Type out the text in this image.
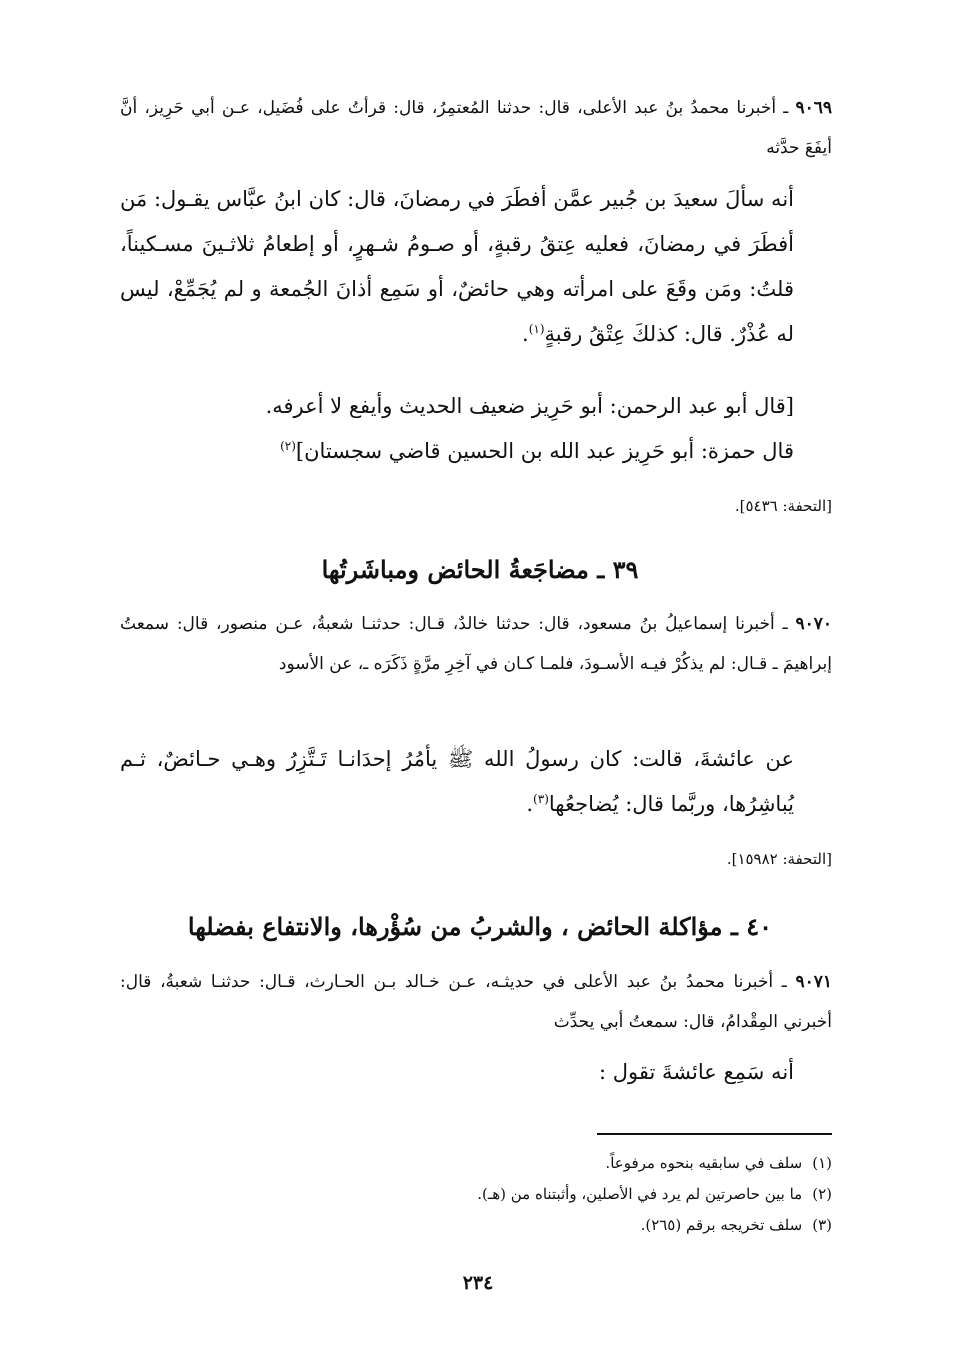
٩٠٦٩ ـ أخبرنا محمدُ بنُ عبد الأعلى، قال: حدثنا المُعتمِرُ، قال: قرأتُ على فُضَيل، عـن أبي حَرِيز، أنَّ أيفَعَ حدَّثه
أنه سألَ سعيدَ بن جُبير عمَّن أفطَرَ في رمضانَ، قال: كان ابنُ عبَّاس يقـول: مَن أفطَرَ في رمضانَ، فعليه عِتقُ رقبةٍ، أو صـومُ شـهرٍ، أو إطعامُ ثلاثـينَ مسـكيناً، قلتُ: ومَن وقَعَ على امرأته وهي حائضٌ، أو سَمِع أذانَ الجُمعة و لم يُجَمِّعْ، ليس له عُذْرٌ. قال: كذلكَ عِتْقُ رقبةٍ$^{(١)}$.
[قال أبو عبد الرحمن: أبو حَرِيز ضعيف الحديث وأيفع لا أعرفه.
قال حمزة: أبو حَرِيز عبد الله بن الحسين قاضي سجستان]$^{(٢)}$
[التحفة: ٥٤٣٦].
٣٩ ـ مضاجَعةُ الحائض ومباشَرتُها
٩٠٧٠ ـ أخبرنا إسماعيلُ بنُ مسعود، قال: حدثنا خالدٌ، قـال: حدثنـا شعبةُ، عـن منصور، قال: سمعتُ إبراهيمَ ـ قـال: لم يذكُرْ فيـه الأسـودَ، فلمـا كـان في آخِرِ مرَّةٍ ذَكَرَه ـ، عن الأسود
عن عائشةَ، قالت: كان رسولُ الله ﷺ يأمُرُ إحدَانـا تَـتَّزِرُ وهـي حـائضٌ، ثـم يُباشِرُها، وربَّما قال: يُضاجعُها$^{(٣)}$.
[التحفة: ١٥٩٨٢].
٤٠ ـ مؤاكلة الحائض ، والشربُ من سُؤْرها، والانتفاع بفضلها
٩٠٧١ ـ أخبرنا محمدُ بنُ عبد الأعلى في حديثـه، عـن خـالد بـن الحـارث، قـال: حدثنـا شعبةُ، قال: أخبرني المِقْدامُ، قال: سمعتُ أبي يحدِّث
أنه سَمِع عائشةَ تقول :
(١)سلف في سابقيه بنحوه مرفوعاً.
(٢)ما بين حاصرتين لم يرد في الأصلين، وأثبتناه من (هـ).
(٣)سلف تخريجه برقم (٢٦٥).
٢٣٤
